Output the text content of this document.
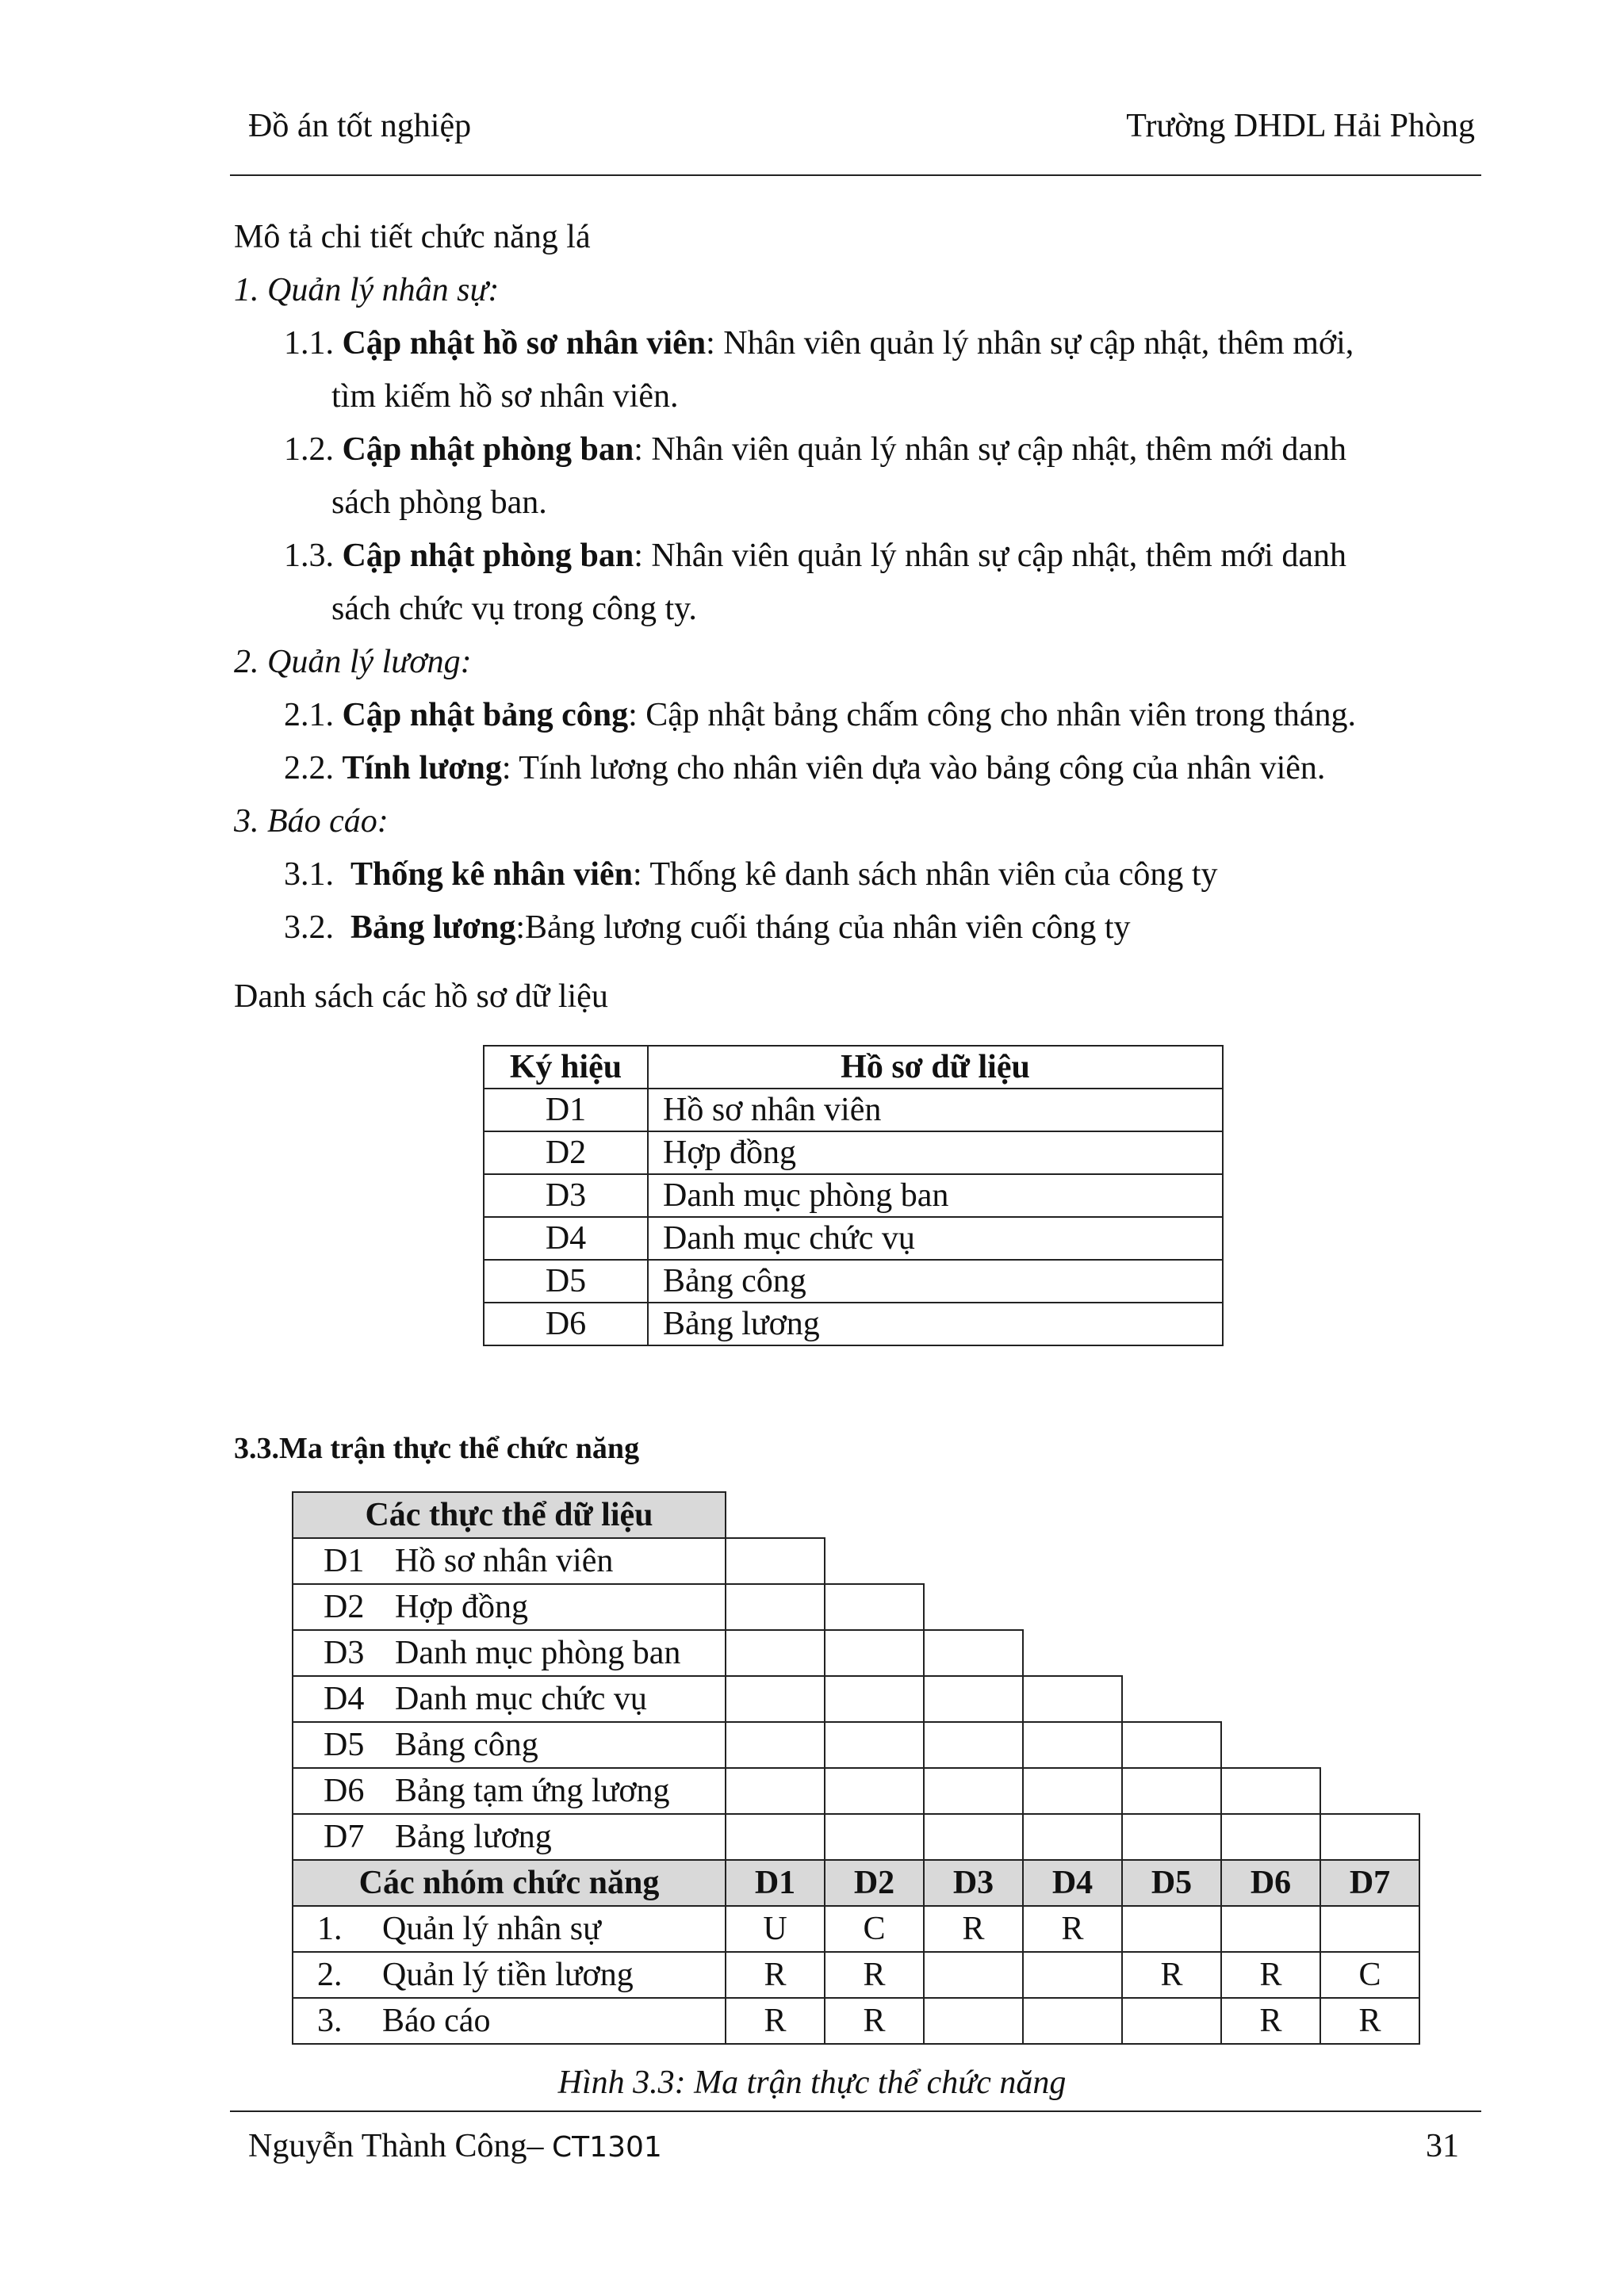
Đồ án tốt nghiệp	Trường DHDL Hải Phòng
Mô tả chi tiết chức năng lá
1. Quản lý nhân sự:
1.1. Cập nhật hồ sơ nhân viên: Nhân viên quản lý nhân sự cập nhật, thêm mới,
tìm kiếm hồ sơ nhân viên.
1.2. Cập nhật phòng ban: Nhân viên quản lý nhân sự cập nhật, thêm mới danh
sách phòng ban.
1.3. Cập nhật phòng ban: Nhân viên quản lý nhân sự cập nhật, thêm mới danh
sách chức vụ trong công ty.
2. Quản lý lương:
2.1. Cập nhật bảng công: Cập nhật bảng chấm công cho nhân viên trong tháng.
2.2. Tính lương: Tính lương cho nhân viên dựa vào bảng công của nhân viên.
3. Báo cáo:
3.1. Thống kê nhân viên: Thống kê danh sách nhân viên của công ty
3.2. Bảng lương:Bảng lương cuối tháng của nhân viên công ty
Danh sách các hồ sơ dữ liệu
Ký hiệu	Hồ sơ dữ liệu
D1	Hồ sơ nhân viên
D2	Hợp đồng
D3	Danh mục phòng ban
D4	Danh mục chức vụ
D5	Bảng công
D6	Bảng lương
3.3.Ma trận thực thể chức năng
Các thực thể dữ liệu							
D1 Hồ sơ nhân viên							
D2 Hợp đồng							
D3 Danh mục phòng ban							
D4 Danh mục chức vụ							
D5 Bảng công							
D6 Bảng tạm ứng lương							
D7 Bảng lương							
Các nhóm chức năng	D1	D2	D3	D4	D5	D6	D7
1. Quản lý nhân sự	U	C	R	R			
2. Quản lý tiền lương	R	R			R	R	C
3. Báo cáo	R	R				R	R
Hình 3.3: Ma trận thực thể chức năng
Nguyễn Thành Công– CT1301	31
